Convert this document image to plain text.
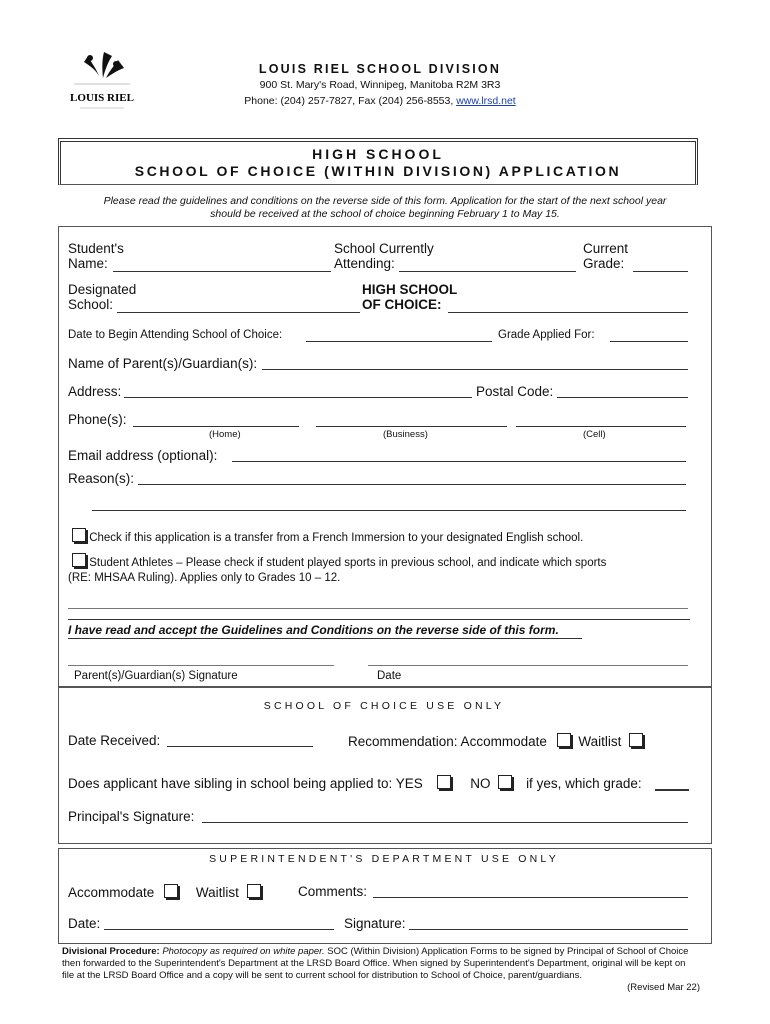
LOUIS RIEL
LOUIS RIEL SCHOOL DIVISION
900 St. Mary's Road, Winnipeg, Manitoba R2M 3R3
Phone: (204) 257-7827, Fax (204) 256-8553, www.lrsd.net
HIGH SCHOOL
SCHOOL OF CHOICE (WITHIN DIVISION) APPLICATION
Please read the guidelines and conditions on the reverse side of this form. Application for the start of the next school year
should be received at the school of choice beginning February 1 to May 15.
Student's
Name:
School Currently
Attending:
Current
Grade:
Designated
School:
HIGH SCHOOL
OF CHOICE:
Date to Begin Attending School of Choice:	Grade Applied For:
Name of Parent(s)/Guardian(s):
Address:	Postal Code:
Phone(s):
(Home)	(Business)	(Cell)
Email address (optional):
Reason(s):
Check if this application is a transfer from a French Immersion to your designated English school.
Student Athletes – Please check if student played sports in previous school, and indicate which sports
(RE: MHSAA Ruling). Applies only to Grades 10 – 12.
I have read and accept the Guidelines and Conditions on the reverse side of this form.
Parent(s)/Guardian(s) Signature	Date
SCHOOL OF CHOICE USE ONLY
Date Received:	Recommendation: Accommodate Waitlist
Does applicant have sibling in school being applied to: YES	NO	if yes, which grade:
Principal's Signature:
SUPERINTENDENT'S DEPARTMENT USE ONLY
Accommodate	Waitlist	Comments:
Date:	Signature:
Divisional Procedure: Photocopy as required on white paper. SOC (Within Division) Application Forms to be signed by Principal of School of Choice then forwarded to the Superintendent's Department at the LRSD Board Office. When signed by Superintendent's Department, original will be kept on file at the LRSD Board Office and a copy will be sent to current school for distribution to School of Choice, parent/guardians.
(Revised Mar 22)
